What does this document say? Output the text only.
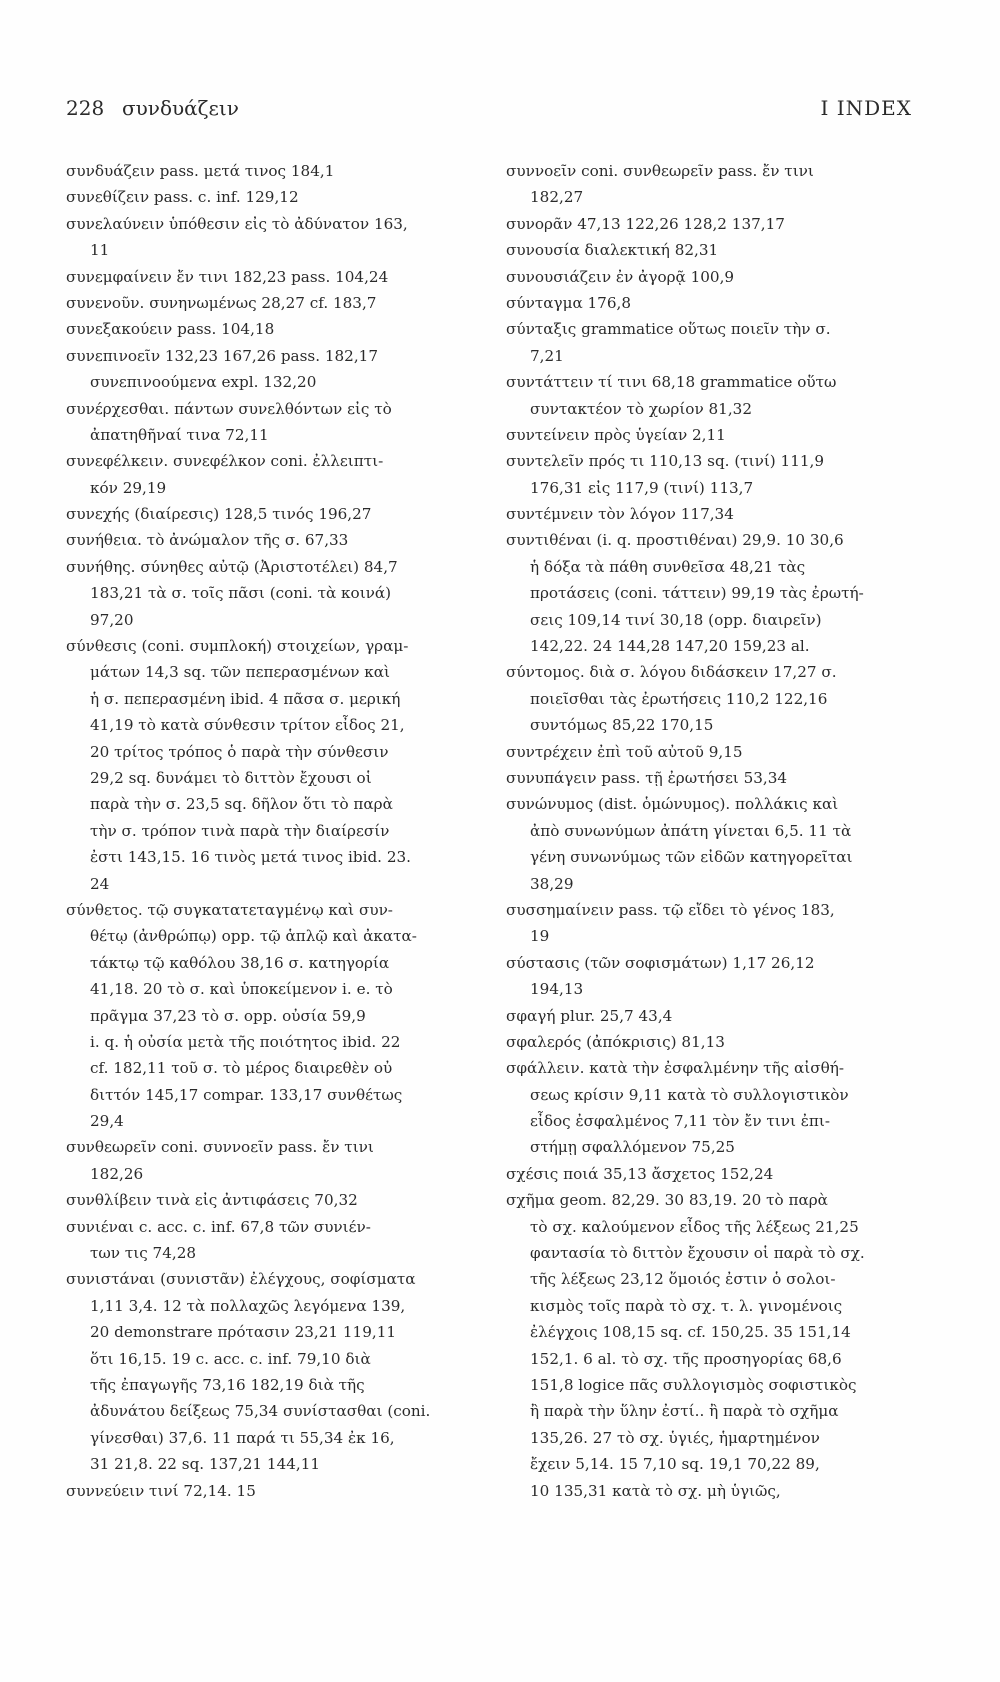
228 συνδυάζειν	I INDEX
συνδυάζειν pass. μετά τινος 184,1
συνεθίζειν pass. c. inf. 129,12
συνελαύνειν ὑπόθεσιν εἰς τὸ ἀδύνατον 163,
11
συνεμφαίνειν ἔν τινι 182,23 pass. 104,24
συνενοῦν. συνηνωμένως 28,27 cf. 183,7
συνεξακούειν pass. 104,18
συνεπινοεῖν 132,23 167,26 pass. 182,17
συνεπινοούμενα expl. 132,20
συνέρχεσθαι. πάντων συνελθόντων εἰς τὸ
ἀπατηθῆναί τινα 72,11
συνεφέλκειν. συνεφέλκον coni. ἐλλειπτι-
κόν 29,19
συνεχής (διαίρεσις) 128,5 τινός 196,27
συνήθεια. τὸ ἀνώμαλον τῆς σ. 67,33
συνήθης. σύνηθες αὐτῷ (Ἀριστοτέλει) 84,7
183,21 τὰ σ. τοῖς πᾶσι (coni. τὰ κοινά)
97,20
σύνθεσις (coni. συμπλοκή) στοιχείων, γραμ-
μάτων 14,3 sq. τῶν πεπερασμένων καὶ
ἡ σ. πεπερασμένη ibid. 4 πᾶσα σ. μερική
41,19 τὸ κατὰ σύνθεσιν τρίτον εἶδος 21,
20 τρίτος τρόπος ὁ παρὰ τὴν σύνθεσιν
29,2 sq. δυνάμει τὸ διττὸν ἔχουσι οἱ
παρὰ τὴν σ. 23,5 sq. δῆλον ὅτι τὸ παρὰ
τὴν σ. τρόπον τινὰ παρὰ τὴν διαίρεσίν
ἐστι 143,15. 16 τινὸς μετά τινος ibid. 23.
24
σύνθετος. τῷ συγκατατεταγμένῳ καὶ συν-
θέτῳ (ἀνθρώπῳ) opp. τῷ ἁπλῷ καὶ ἀκατα-
τάκτῳ τῷ καθόλου 38,16 σ. κατηγορία
41,18. 20 τὸ σ. καὶ ὑποκείμενον i. e. τὸ
πρᾶγμα 37,23 τὸ σ. opp. οὐσία 59,9
i. q. ἡ οὐσία μετὰ τῆς ποιότητος ibid. 22
cf. 182,11 τοῦ σ. τὸ μέρος διαιρεθὲν οὐ
διττόν 145,17 compar. 133,17 συνθέτως
29,4
συνθεωρεῖν coni. συννοεῖν pass. ἔν τινι
182,26
συνθλίβειν τινὰ εἰς ἀντιφάσεις 70,32
συνιέναι c. acc. c. inf. 67,8 τῶν συνιέν-
των τις 74,28
συνιστάναι (συνιστᾶν) ἐλέγχους, σοφίσματα
1,11 3,4. 12 τὰ πολλαχῶς λεγόμενα 139,
20 demonstrare πρότασιν 23,21 119,11
ὅτι 16,15. 19 c. acc. c. inf. 79,10 διὰ
τῆς ἐπαγωγῆς 73,16 182,19 διὰ τῆς
ἀδυνάτου δείξεως 75,34 συνίστασθαι (coni.
γίνεσθαι) 37,6. 11 παρά τι 55,34 ἐκ 16,
31 21,8. 22 sq. 137,21 144,11
συννεύειν τινί 72,14. 15
συννοεῖν coni. συνθεωρεῖν pass. ἔν τινι
182,27
συνορᾶν 47,13 122,26 128,2 137,17
συνουσία διαλεκτική 82,31
συνουσιάζειν ἐν ἀγορᾷ 100,9
σύνταγμα 176,8
σύνταξις grammatice οὕτως ποιεῖν τὴν σ.
7,21
συντάττειν τί τινι 68,18 grammatice οὕτω
συντακτέον τὸ χωρίον 81,32
συντείνειν πρὸς ὑγείαν 2,11
συντελεῖν πρός τι 110,13 sq. (τινί) 111,9
176,31 εἰς 117,9 (τινί) 113,7
συντέμνειν τὸν λόγον 117,34
συντιθέναι (i. q. προστιθέναι) 29,9. 10 30,6
ἡ δόξα τὰ πάθη συνθεῖσα 48,21 τὰς
προτάσεις (coni. τάττειν) 99,19 τὰς ἐρωτή-
σεις 109,14 τινί 30,18 (opp. διαιρεῖν)
142,22. 24 144,28 147,20 159,23 al.
σύντομος. διὰ σ. λόγου διδάσκειν 17,27 σ.
ποιεῖσθαι τὰς ἐρωτήσεις 110,2 122,16
συντόμως 85,22 170,15
συντρέχειν ἐπὶ τοῦ αὐτοῦ 9,15
συνυπάγειν pass. τῇ ἐρωτήσει 53,34
συνώνυμος (dist. ὁμώνυμος). πολλάκις καὶ
ἀπὸ συνωνύμων ἀπάτη γίνεται 6,5. 11 τὰ
γένη συνωνύμως τῶν εἰδῶν κατηγορεῖται
38,29
συσσημαίνειν pass. τῷ εἴδει τὸ γένος 183,
19
σύστασις (τῶν σοφισμάτων) 1,17 26,12
194,13
σφαγή plur. 25,7 43,4
σφαλερός (ἀπόκρισις) 81,13
σφάλλειν. κατὰ τὴν ἐσφαλμένην τῆς αἰσθή-
σεως κρίσιν 9,11 κατὰ τὸ συλλογιστικὸν
εἶδος ἐσφαλμένος 7,11 τὸν ἔν τινι ἐπι-
στήμῃ σφαλλόμενον 75,25
σχέσις ποιά 35,13 ἄσχετος 152,24
σχῆμα geom. 82,29. 30 83,19. 20 τὸ παρὰ
τὸ σχ. καλούμενον εἶδος τῆς λέξεως 21,25
φαντασία τὸ διττὸν ἔχουσιν οἱ παρὰ τὸ σχ.
τῆς λέξεως 23,12 ὅμοιός ἐστιν ὁ σολοι-
κισμὸς τοῖς παρὰ τὸ σχ. τ. λ. γινομένοις
ἐλέγχοις 108,15 sq. cf. 150,25. 35 151,14
152,1. 6 al. τὸ σχ. τῆς προσηγορίας 68,6
151,8 logice πᾶς συλλογισμὸς σοφιστικὸς
ἢ παρὰ τὴν ὕλην ἐστί.. ἢ παρὰ τὸ σχῆμα
135,26. 27 τὸ σχ. ὑγιές, ἡμαρτημένον
ἔχειν 5,14. 15 7,10 sq. 19,1 70,22 89,
10 135,31 κατὰ τὸ σχ. μὴ ὑγιῶς,
